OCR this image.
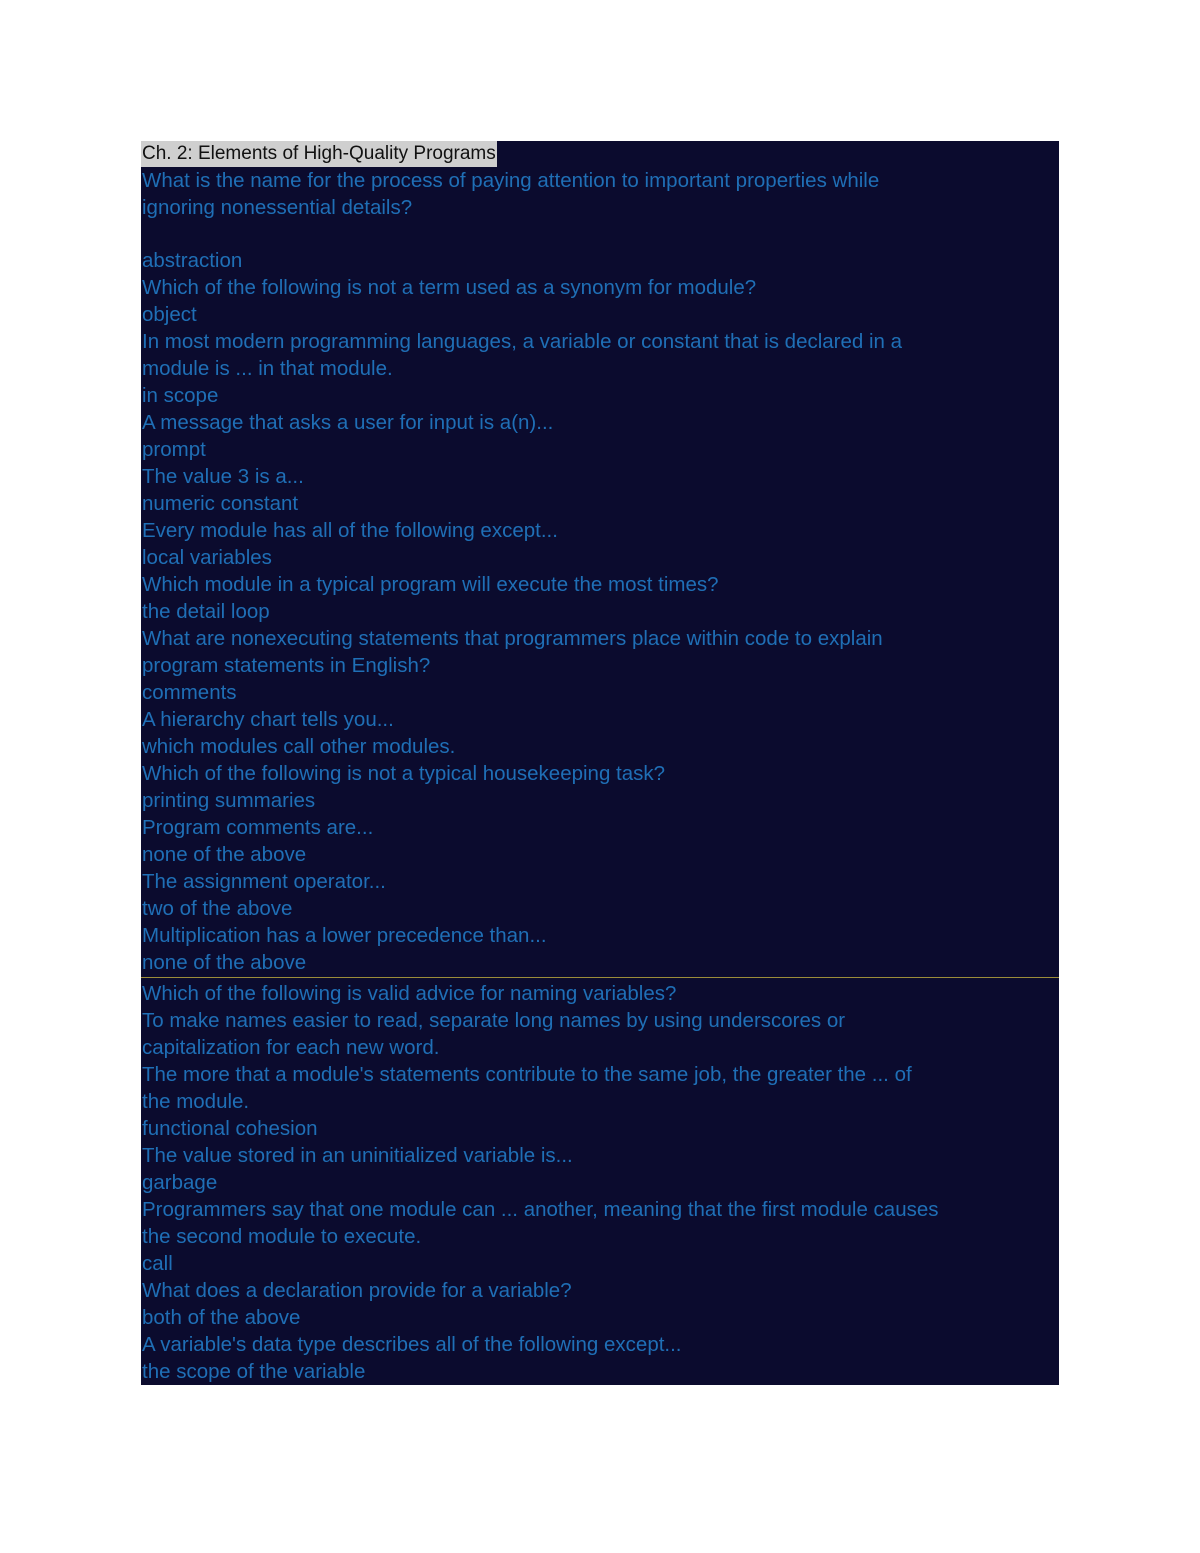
Ch. 2: Elements of High-Quality Programs
What is the name for the process of paying attention to important properties while
ignoring nonessential details?
abstraction
Which of the following is not a term used as a synonym for module?
object
In most modern programming languages, a variable or constant that is declared in a
module is ... in that module.
in scope
A message that asks a user for input is a(n)...
prompt
The value 3 is a...
numeric constant
Every module has all of the following except...
local variables
Which module in a typical program will execute the most times?
the detail loop
What are nonexecuting statements that programmers place within code to explain
program statements in English?
comments
A hierarchy chart tells you...
which modules call other modules.
Which of the following is not a typical housekeeping task?
printing summaries
Program comments are...
none of the above
The assignment operator...
two of the above
Multiplication has a lower precedence than...
none of the above
Which of the following is valid advice for naming variables?
To make names easier to read, separate long names by using underscores or
capitalization for each new word.
The more that a module's statements contribute to the same job, the greater the ... of
the module.
functional cohesion
The value stored in an uninitialized variable is...
garbage
Programmers say that one module can ... another, meaning that the first module causes
the second module to execute.
call
What does a declaration provide for a variable?
both of the above
A variable's data type describes all of the following except...
the scope of the variable
